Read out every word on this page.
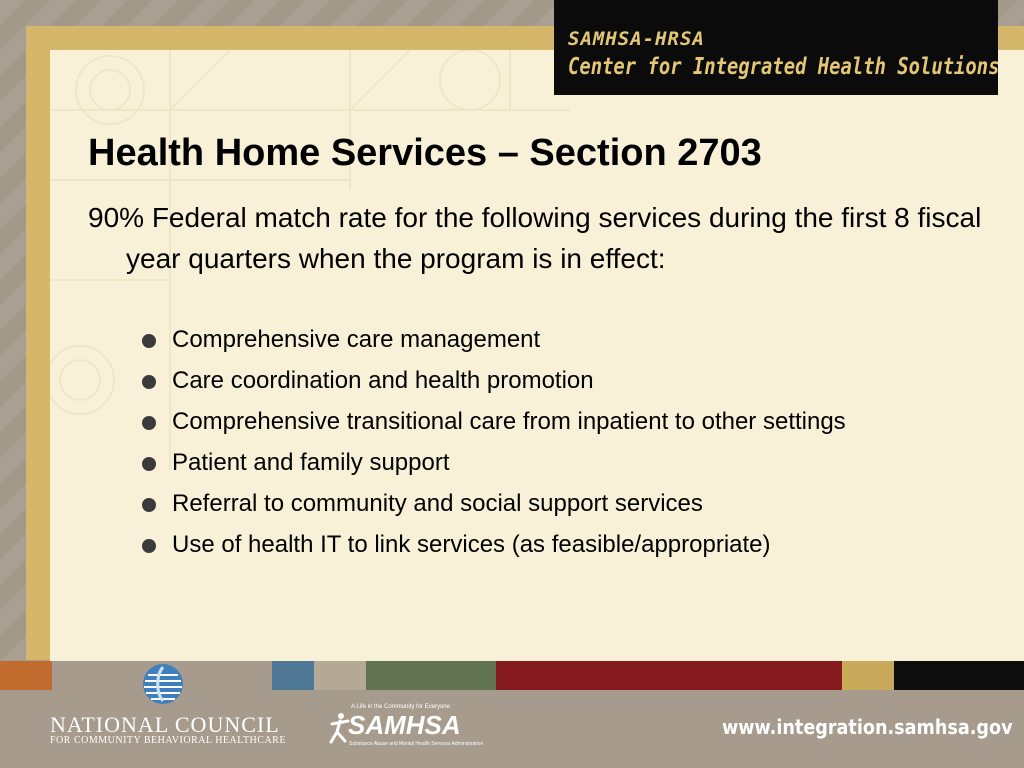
SAMHSA-HRSA
Center for Integrated Health Solutions
Health Home Services – Section 2703

90% Federal match rate for the following services during the first 8 fiscal year quarters when the program is in effect:

Comprehensive care management
Care coordination and health promotion
Comprehensive transitional care from inpatient to other settings
Patient and family support
Referral to community and social support services
Use of health IT to link services (as feasible/appropriate)
NATIONAL COUNCIL
FOR COMMUNITY BEHAVIORAL HEALTHCARE
A Life in the Community for Everyone
SAMHSA
Substance Abuse and Mental Health Services Administration
www.integration.samhsa.gov
